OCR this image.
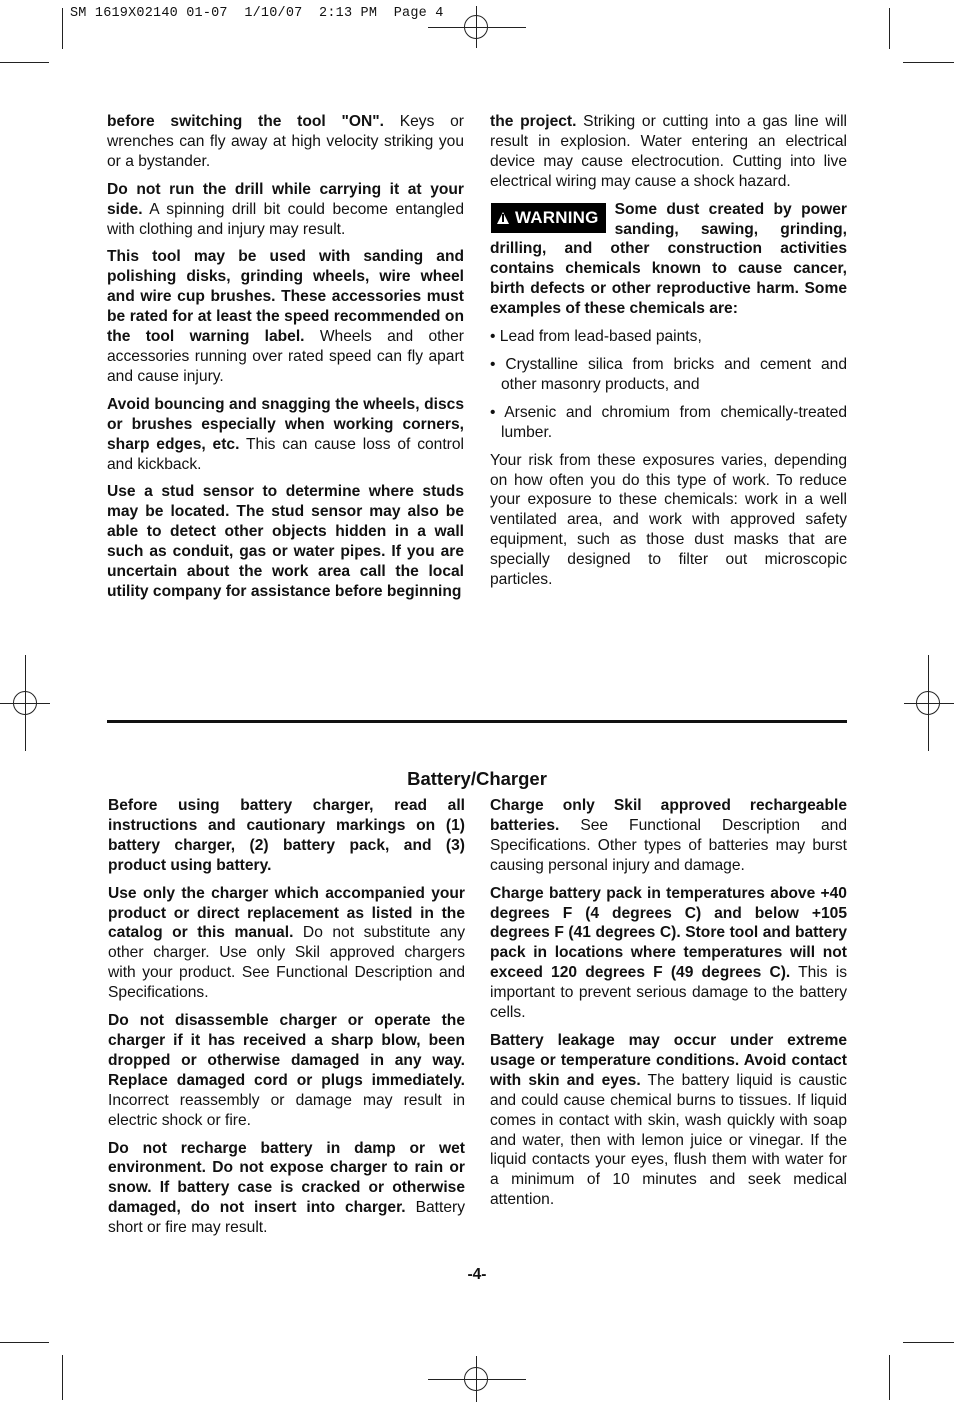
SM 1619X02140 01-07  1/10/07  2:13 PM  Page 4

before switching the tool "ON". Keys or wrenches can fly away at high velocity striking you or a bystander.

Do not run the drill while carrying it at your side. A spinning drill bit could become entangled with clothing and injury may result.

This tool may be used with sanding and polishing disks, grinding wheels, wire wheel and wire cup brushes. These accessories must be rated for at least the speed recommended on the tool warning label. Wheels and other accessories running over rated speed can fly apart and cause injury.

Avoid bouncing and snagging the wheels, discs or brushes especially when working corners, sharp edges, etc. This can cause loss of control and kickback.

Use a stud sensor to determine where studs may be located. The stud sensor may also be able to detect other objects hidden in a wall such as conduit, gas or water pipes. If you are uncertain about the work area call the local utility company for assistance before beginning

the project. Striking or cutting into a gas line will result in explosion. Water entering an electrical device may cause electrocution. Cutting into live electrical wiring may cause a shock hazard.

WARNING	Some dust created by power sanding, sawing, grinding, drilling, and other construction activities contains chemicals known to cause cancer, birth defects or other reproductive harm. Some examples of these chemicals are:

• Lead from lead-based paints,

• Crystalline silica from bricks and cement and other masonry products, and

• Arsenic and chromium from chemically-treated lumber.

Your risk from these exposures varies, depending on how often you do this type of work. To reduce your exposure to these chemicals: work in a well ventilated area, and work with approved safety equipment, such as those dust masks that are specially designed to filter out microscopic particles.

Battery/Charger

Before using battery charger, read all instructions and cautionary markings on (1) battery charger, (2) battery pack, and (3) product using battery.

Use only the charger which accompanied your product or direct replacement as listed in the catalog or this manual. Do not substitute any other charger. Use only Skil approved chargers with your product. See Functional Description and Specifications.

Do not disassemble charger or operate the charger if it has received a sharp blow, been dropped or otherwise damaged in any way. Replace damaged cord or plugs immediately. Incorrect reassembly or damage may result in electric shock or fire.

Do not recharge battery in damp or wet environment. Do not expose charger to rain or snow. If battery case is cracked or otherwise damaged, do not insert into charger. Battery short or fire may result.

Charge only Skil approved rechargeable batteries. See Functional Description and Specifications. Other types of batteries may burst causing personal injury and damage.

Charge battery pack in temperatures above +40 degrees F (4 degrees C) and below +105 degrees F (41 degrees C). Store tool and battery pack in locations where temperatures will not exceed 120 degrees F (49 degrees C). This is important to prevent serious damage to the battery cells.

Battery leakage may occur under extreme usage or temperature conditions. Avoid contact with skin and eyes. The battery liquid is caustic and could cause chemical burns to tissues. If liquid comes in contact with skin, wash quickly with soap and water, then with lemon juice or vinegar. If the liquid contacts your eyes, flush them with water for a minimum of 10 minutes and seek medical attention.

-4-
